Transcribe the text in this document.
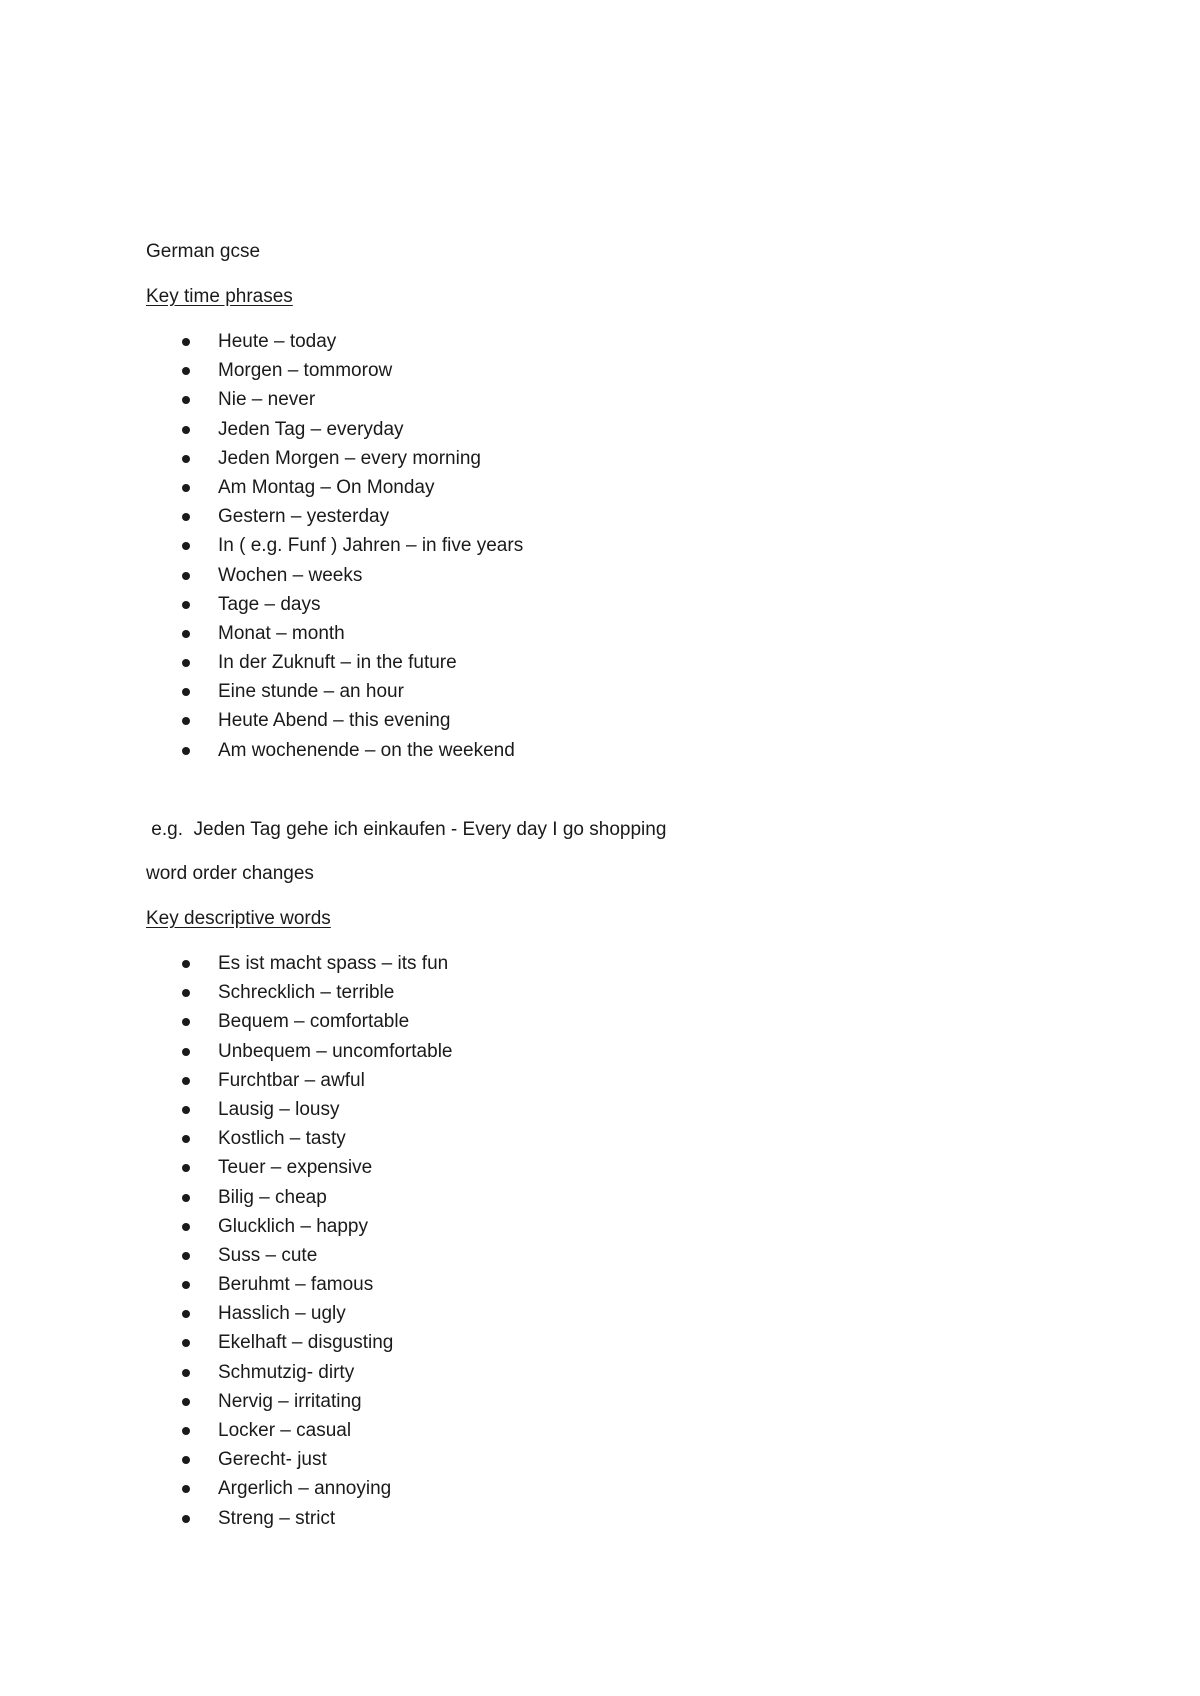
German gcse
Key time phrases
Heute – today
Morgen – tommorow
Nie – never
Jeden Tag – everyday
Jeden Morgen – every morning
Am Montag – On Monday
Gestern – yesterday
In ( e.g. Funf ) Jahren – in five years
Wochen – weeks
Tage – days
Monat – month
In der Zuknuft – in the future
Eine stunde – an hour
Heute Abend – this evening
Am wochenende – on the weekend
e.g.  Jeden Tag gehe ich einkaufen - Every day I go shopping
word order changes
Key descriptive words
Es ist macht spass – its fun
Schrecklich – terrible
Bequem – comfortable
Unbequem – uncomfortable
Furchtbar – awful
Lausig – lousy
Kostlich – tasty
Teuer – expensive
Bilig – cheap
Glucklich – happy
Suss – cute
Beruhmt – famous
Hasslich – ugly
Ekelhaft – disgusting
Schmutzig- dirty
Nervig – irritating
Locker – casual
Gerecht- just
Argerlich – annoying
Streng – strict
